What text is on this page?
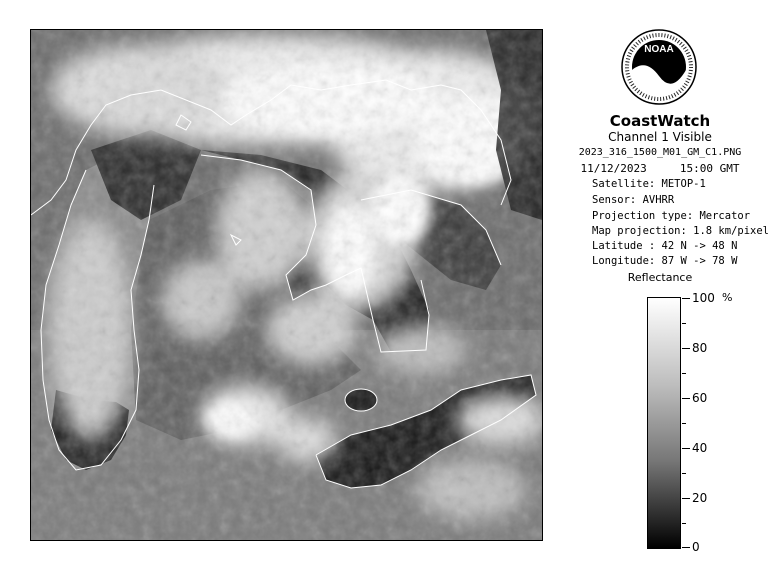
NOAA
CoastWatch
Channel 1 Visible
2023_316_1500_M01_GM_C1.PNG
11/12/2023     15:00 GMT
Satellite: METOP-1
Sensor: AVHRR
Projection type: Mercator
Map projection: 1.8 km/pixel
Latitude : 42 N -> 48 N
Longitude: 87 W -> 78 W
Reflectance
%
100
80
60
40
20
0
